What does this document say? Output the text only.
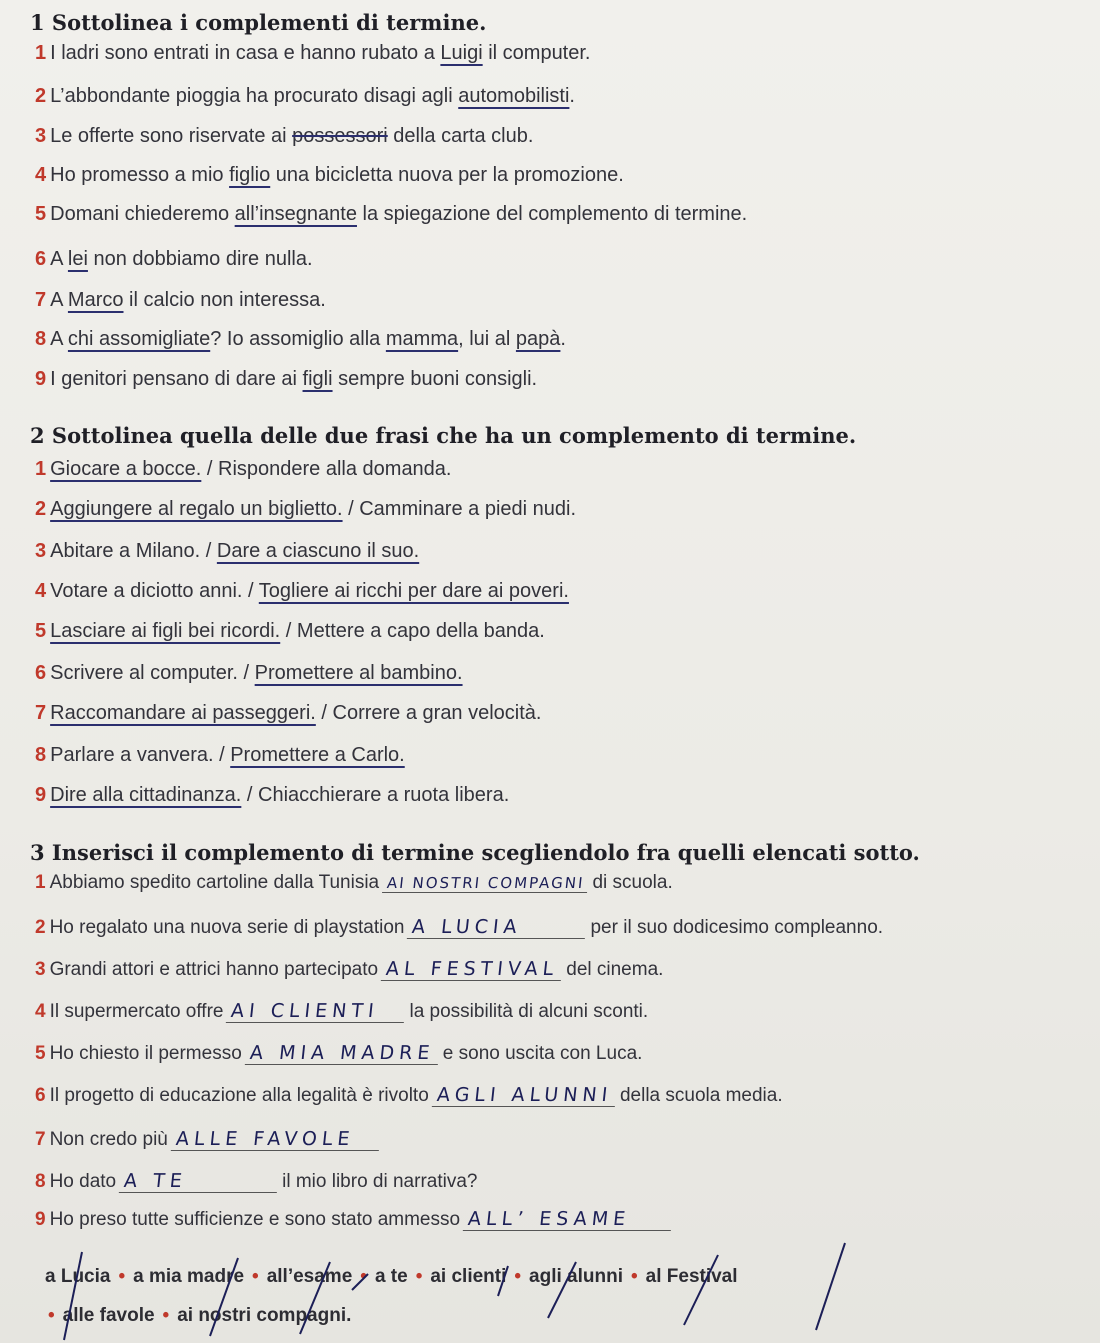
1 Sottolinea i complementi di termine.
1 I ladri sono entrati in casa e hanno rubato a Luigi il computer.
2 L’abbondante pioggia ha procurato disagi agli automobilisti.
3 Le offerte sono riservate ai possessori della carta club.
4 Ho promesso a mio figlio una bicicletta nuova per la promozione.
5 Domani chiederemo all’insegnante la spiegazione del complemento di termine.
6 A lei non dobbiamo dire nulla.
7 A Marco il calcio non interessa.
8 A chi assomigliate? Io assomiglio alla mamma, lui al papà.
9 I genitori pensano di dare ai figli sempre buoni consigli.
2 Sottolinea quella delle due frasi che ha un complemento di termine.
1 Giocare a bocce. / Rispondere alla domanda.
2 Aggiungere al regalo un biglietto. / Camminare a piedi nudi.
3 Abitare a Milano. / Dare a ciascuno il suo.
4 Votare a diciotto anni. / Togliere ai ricchi per dare ai poveri.
5 Lasciare ai figli bei ricordi. / Mettere a capo della banda.
6 Scrivere al computer. / Promettere al bambino.
7 Raccomandare ai passeggeri. / Correre a gran velocità.
8 Parlare a vanvera. / Promettere a Carlo.
9 Dire alla cittadinanza. / Chiacchierare a ruota libera.
3 Inserisci il complemento di termine scegliendolo fra quelli elencati sotto.
1 Abbiamo spedito cartoline dalla Tunisia AI NOSTRI COMPAGNI di scuola.
2 Ho regalato una nuova serie di playstation A LUCIA	per il suo dodicesimo compleanno.
3 Grandi attori e attrici hanno partecipato AL FESTIVAL del cinema.
4 Il supermercato offre AI CLIENTI la possibilità di alcuni sconti.
5 Ho chiesto il permesso A MIA MADRE e sono uscita con Luca.
6 Il progetto di educazione alla legalità è rivolto AGLI ALUNNI della scuola media.
7 Non credo più ALLE FAVOLE
8 Ho dato A TE	il mio libro di narrativa?
9 Ho preso tutte sufficienze e sono stato ammesso ALL’ ESAME
a Lucia • a mia madre • all’esame • a te • ai clienti • agli alunni • al Festival
• alle favole • ai nostri compagni.
